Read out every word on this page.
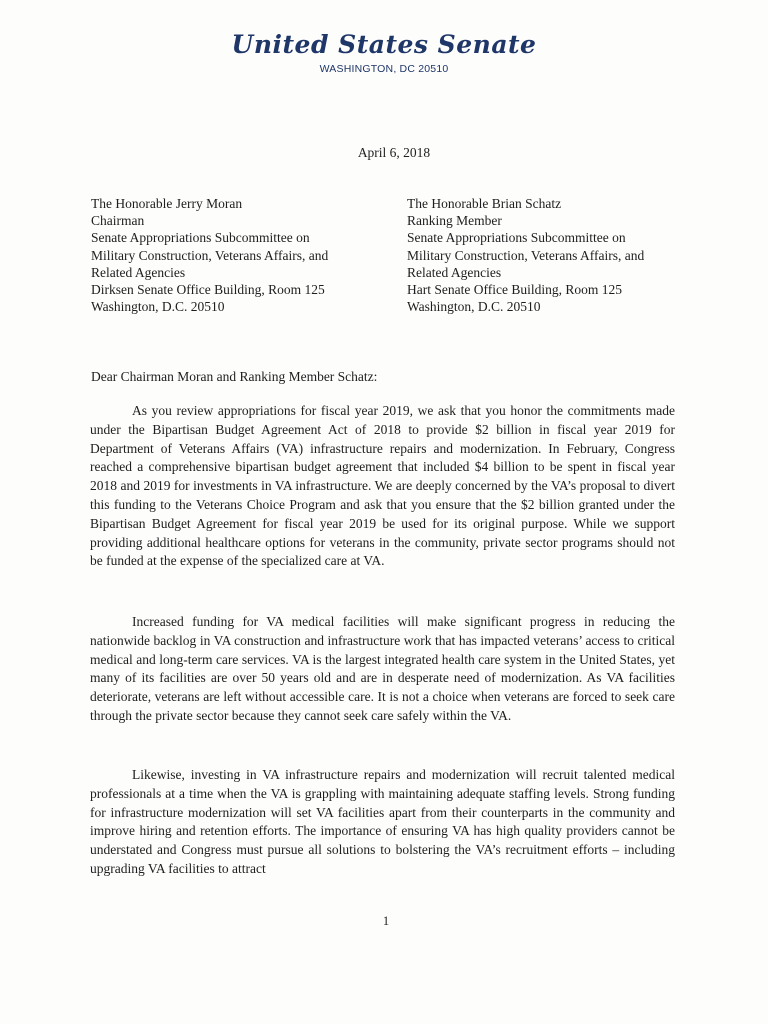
United States Senate
WASHINGTON, DC 20510
April 6, 2018
The Honorable Jerry Moran
Chairman
Senate Appropriations Subcommittee on
Military Construction, Veterans Affairs, and
Related Agencies
Dirksen Senate Office Building, Room 125
Washington, D.C. 20510
The Honorable Brian Schatz
Ranking Member
Senate Appropriations Subcommittee on
Military Construction, Veterans Affairs, and
Related Agencies
Hart Senate Office Building, Room 125
Washington, D.C. 20510
Dear Chairman Moran and Ranking Member Schatz:

As you review appropriations for fiscal year 2019, we ask that you honor the commitments made under the Bipartisan Budget Agreement Act of 2018 to provide $2 billion in fiscal year 2019 for Department of Veterans Affairs (VA) infrastructure repairs and modernization. In February, Congress reached a comprehensive bipartisan budget agreement that included $4 billion to be spent in fiscal year 2018 and 2019 for investments in VA infrastructure. We are deeply concerned by the VA’s proposal to divert this funding to the Veterans Choice Program and ask that you ensure that the $2 billion granted under the Bipartisan Budget Agreement for fiscal year 2019 be used for its original purpose. While we support providing additional healthcare options for veterans in the community, private sector programs should not be funded at the expense of the specialized care at VA.

Increased funding for VA medical facilities will make significant progress in reducing the nationwide backlog in VA construction and infrastructure work that has impacted veterans’ access to critical medical and long-term care services. VA is the largest integrated health care system in the United States, yet many of its facilities are over 50 years old and are in desperate need of modernization. As VA facilities deteriorate, veterans are left without accessible care. It is not a choice when veterans are forced to seek care through the private sector because they cannot seek care safely within the VA.

Likewise, investing in VA infrastructure repairs and modernization will recruit talented medical professionals at a time when the VA is grappling with maintaining adequate staffing levels. Strong funding for infrastructure modernization will set VA facilities apart from their counterparts in the community and improve hiring and retention efforts. The importance of ensuring VA has high quality providers cannot be understated and Congress must pursue all solutions to bolstering the VA’s recruitment efforts – including upgrading VA facilities to attract

1
